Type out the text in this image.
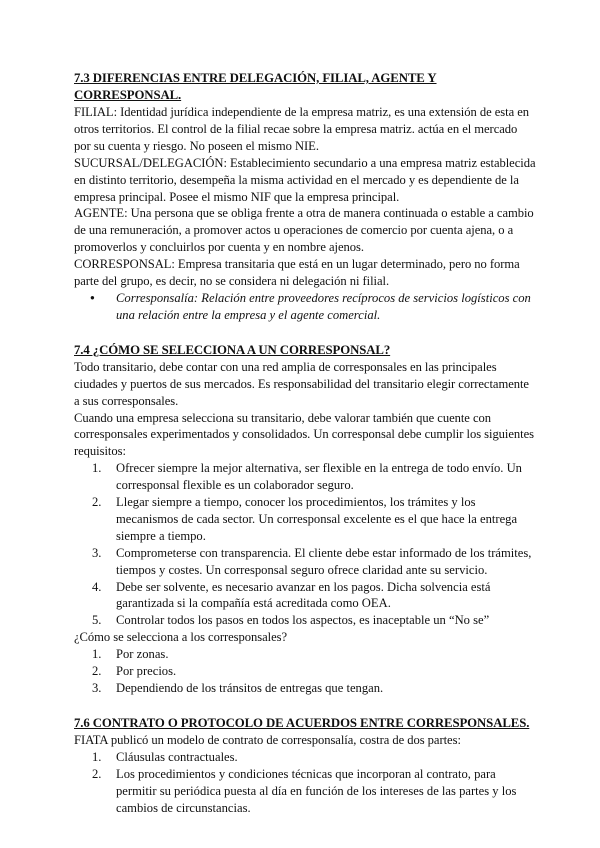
7.3 DIFERENCIAS ENTRE DELEGACIÓN, FILIAL, AGENTE Y CORRESPONSAL.

FILIAL: Identidad jurídica independiente de la empresa matriz, es una extensión de esta en otros territorios. El control de la filial recae sobre la empresa matriz. actúa en el mercado por su cuenta y riesgo. No poseen el mismo NIE.

SUCURSAL/DELEGACIÓN: Establecimiento secundario a una empresa matriz establecida en distinto territorio, desempeña la misma actividad en el mercado y es dependiente de la empresa principal. Posee el mismo NIF que la empresa principal.

AGENTE: Una persona que se obliga frente a otra de manera continuada o estable a cambio de una remuneración, a promover actos u operaciones de comercio por cuenta ajena, o a promoverlos y concluirlos por cuenta y en nombre ajenos.

CORRESPONSAL: Empresa transitaria que está en un lugar determinado, pero no forma parte del grupo, es decir, no se considera ni delegación ni filial.

● Corresponsalía: Relación entre proveedores recíprocos de servicios logísticos con una relación entre la empresa y el agente comercial.

7.4 ¿CÓMO SE SELECCIONA A UN CORRESPONSAL?

Todo transitario, debe contar con una red amplia de corresponsales en las principales ciudades y puertos de sus mercados. Es responsabilidad del transitario elegir correctamente a sus corresponsales.

Cuando una empresa selecciona su transitario, debe valorar también que cuente con corresponsales experimentados y consolidados. Un corresponsal debe cumplir los siguientes requisitos:

1. Ofrecer siempre la mejor alternativa, ser flexible en la entrega de todo envío. Un corresponsal flexible es un colaborador seguro.
2. Llegar siempre a tiempo, conocer los procedimientos, los trámites y los mecanismos de cada sector. Un corresponsal excelente es el que hace la entrega siempre a tiempo.
3. Comprometerse con transparencia. El cliente debe estar informado de los trámites, tiempos y costes. Un corresponsal seguro ofrece claridad ante su servicio.
4. Debe ser solvente, es necesario avanzar en los pagos. Dicha solvencia está garantizada si la compañía está acreditada como OEA.
5. Controlar todos los pasos en todos los aspectos, es inaceptable un “No se”

¿Cómo se selecciona a los corresponsales?

1. Por zonas.
2. Por precios.
3. Dependiendo de los tránsitos de entregas que tengan.

7.6 CONTRATO O PROTOCOLO DE ACUERDOS ENTRE CORRESPONSALES.

FIATA publicó un modelo de contrato de corresponsalía, costra de dos partes:

1. Cláusulas contractuales.
2. Los procedimientos y condiciones técnicas que incorporan al contrato, para permitir su periódica puesta al día en función de los intereses de las partes y los cambios de circunstancias.
